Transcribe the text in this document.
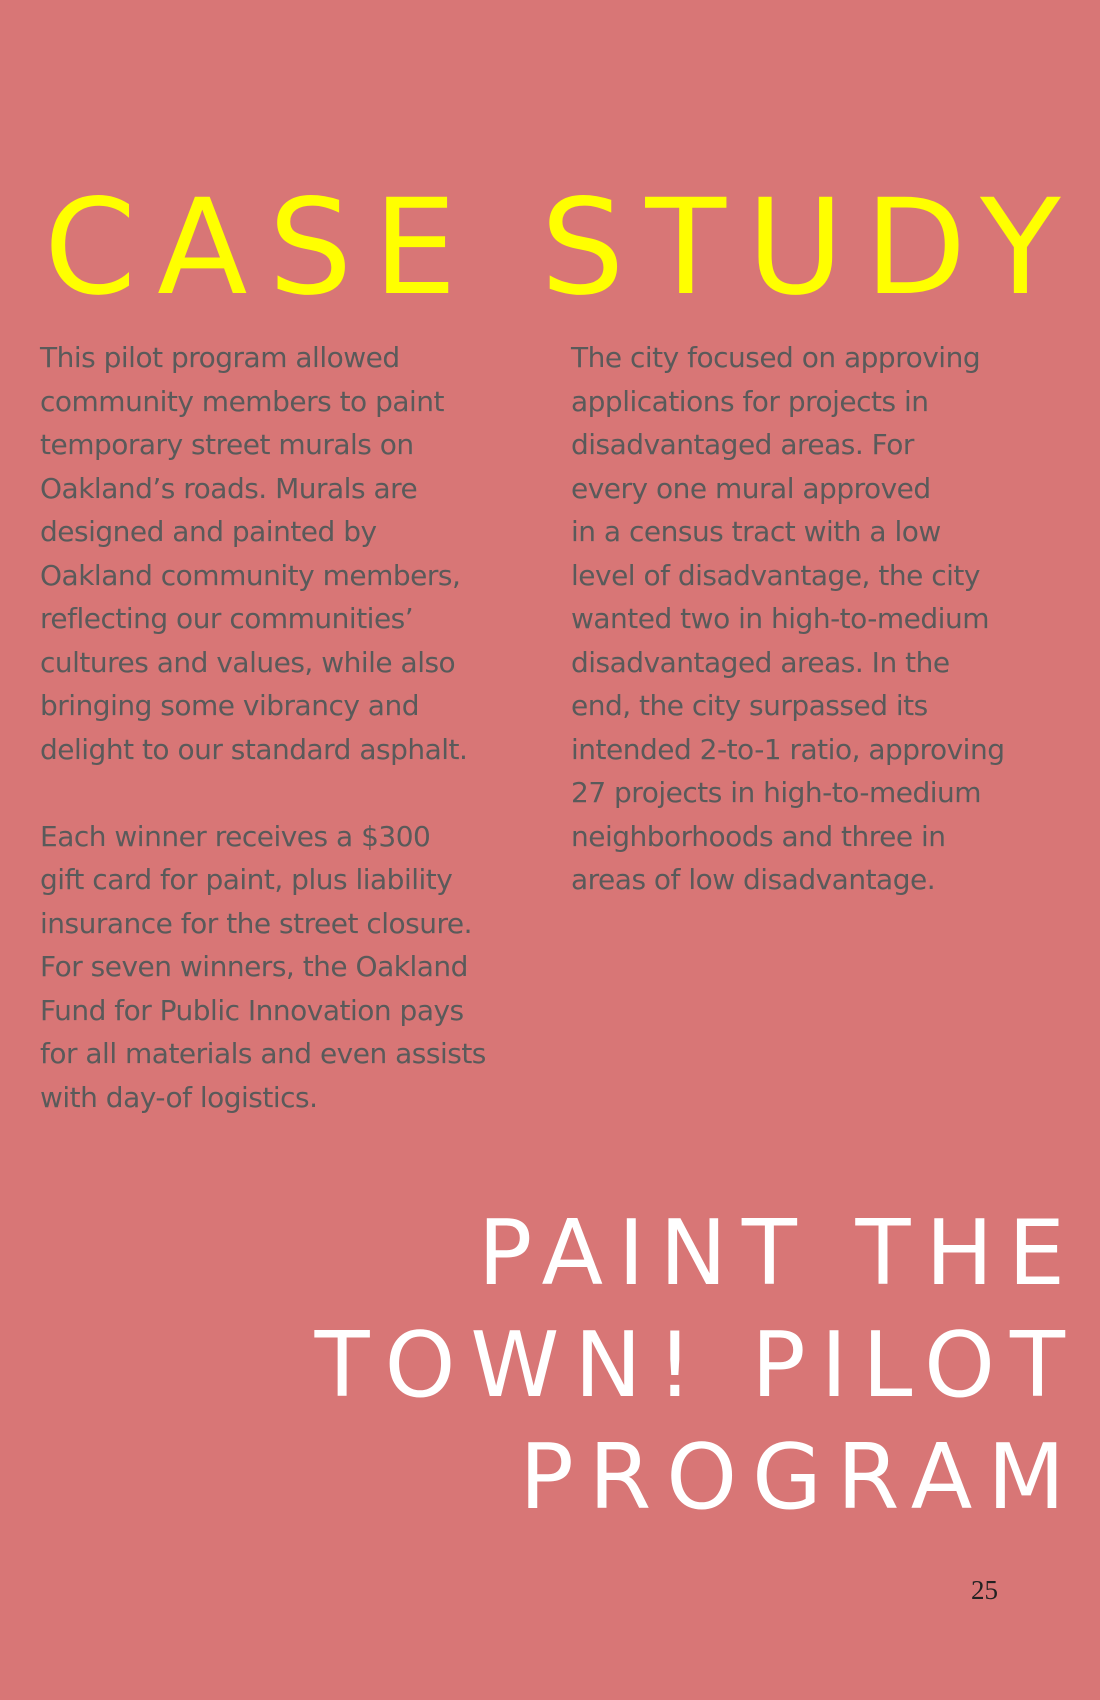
CASE STUDY
This pilot program allowed
community members to paint
temporary street murals on
Oakland’s roads. Murals are
designed and painted by
Oakland community members,
reflecting our communities’
cultures and values, while also
bringing some vibrancy and
delight to our standard asphalt.
Each winner receives a $300
gift card for paint, plus liability
insurance for the street closure.
For seven winners, the Oakland
Fund for Public Innovation pays
for all materials and even assists
with day-of logistics.
The city focused on approving
applications for projects in
disadvantaged areas. For
every one mural approved
in a census tract with a low
level of disadvantage, the city
wanted two in high-to-medium
disadvantaged areas. In the
end, the city surpassed its
intended 2-to-1 ratio, approving
27 projects in high-to-medium
neighborhoods and three in
areas of low disadvantage.
PAINT THE
TOWN! PILOT
PROGRAM
25
